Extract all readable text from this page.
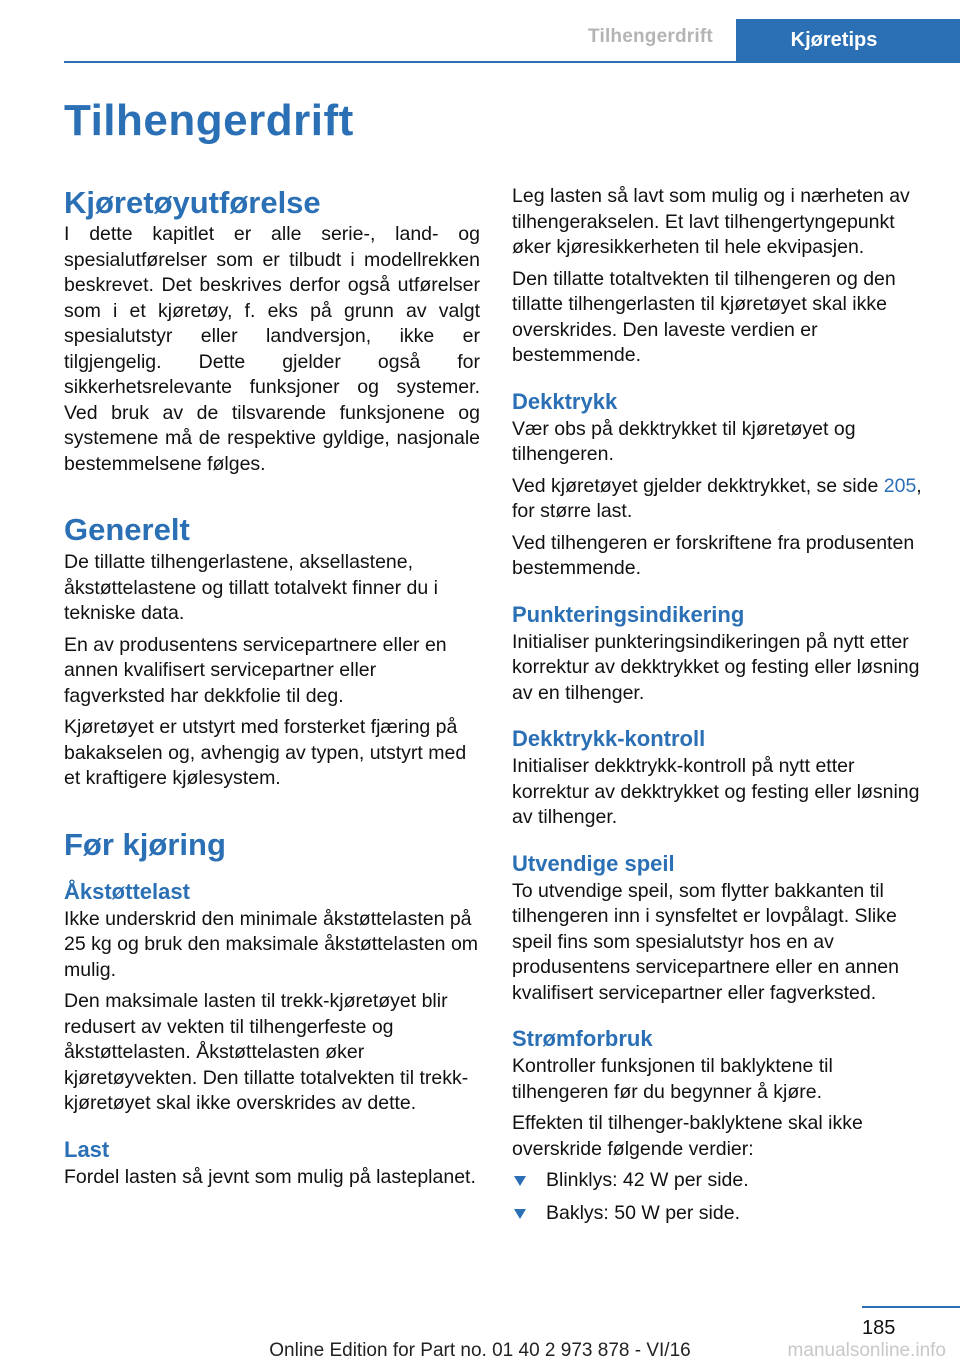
Tilhengerdrift	Kjøretips
Tilhengerdrift
Kjøretøyutførelse

I dette kapitlet er alle serie-, land- og spesialutførelser som er tilbudt i modellrekken beskrevet. Det beskrives derfor også utførelser som i et kjøretøy, f. eks på grunn av valgt spesialutstyr eller landversjon, ikke er tilgjengelig. Dette gjelder også for sikkerhetsrelevante funksjoner og systemer. Ved bruk av de tilsvarende funksjonene og systemene må de respektive gyldige, nasjonale bestemmelsene følges.

Generelt

De tillatte tilhengerlastene, aksellastene, åkstøttelastene og tillatt totalvekt finner du i tekniske data.

En av produsentens servicepartnere eller en annen kvalifisert servicepartner eller fagverksted har dekkfolie til deg.

Kjøretøyet er utstyrt med forsterket fjæring på bakakselen og, avhengig av typen, utstyrt med et kraftigere kjølesystem.

Før kjøring
Åkstøttelast

Ikke underskrid den minimale åkstøttelasten på 25 kg og bruk den maksimale åkstøttelasten om mulig.

Den maksimale lasten til trekk-kjøretøyet blir redusert av vekten til tilhengerfeste og åkstøttelasten. Åkstøttelasten øker kjøretøyvekten. Den tillatte totalvekten til trekk-kjøretøyet skal ikke overskrides av dette.

Last

Fordel lasten så jevnt som mulig på lasteplanet.

Leg lasten så lavt som mulig og i nærheten av tilhengerakselen. Et lavt tilhengertyngepunkt øker kjøresikkerheten til hele ekvipasjen.

Den tillatte totaltvekten til tilhengeren og den tillatte tilhengerlasten til kjøretøyet skal ikke overskrides. Den laveste verdien er bestemmende.

Dekktrykk

Vær obs på dekktrykket til kjøretøyet og tilhengeren.

Ved kjøretøyet gjelder dekktrykket, se side 205, for større last.

Ved tilhengeren er forskriftene fra produsenten bestemmende.

Punkteringsindikering

Initialiser punkteringsindikeringen på nytt etter korrektur av dekktrykket og festing eller løsning av en tilhenger.

Dekktrykk-kontroll

Initialiser dekktrykk-kontroll på nytt etter korrektur av dekktrykket og festing eller løsning av tilhenger.

Utvendige speil

To utvendige speil, som flytter bakkanten til tilhengeren inn i synsfeltet er lovpålagt. Slike speil fins som spesialutstyr hos en av produsentens servicepartnere eller en annen kvalifisert servicepartner eller fagverksted.

Strømforbruk

Kontroller funksjonen til baklyktene til tilhengeren før du begynner å kjøre.

Effekten til tilhenger-baklyktene skal ikke overskride følgende verdier:

Blinklys: 42 W per side.
Baklys: 50 W per side.
185
Online Edition for Part no. 01 40 2 973 878 - VI/16	manualsonline.info
